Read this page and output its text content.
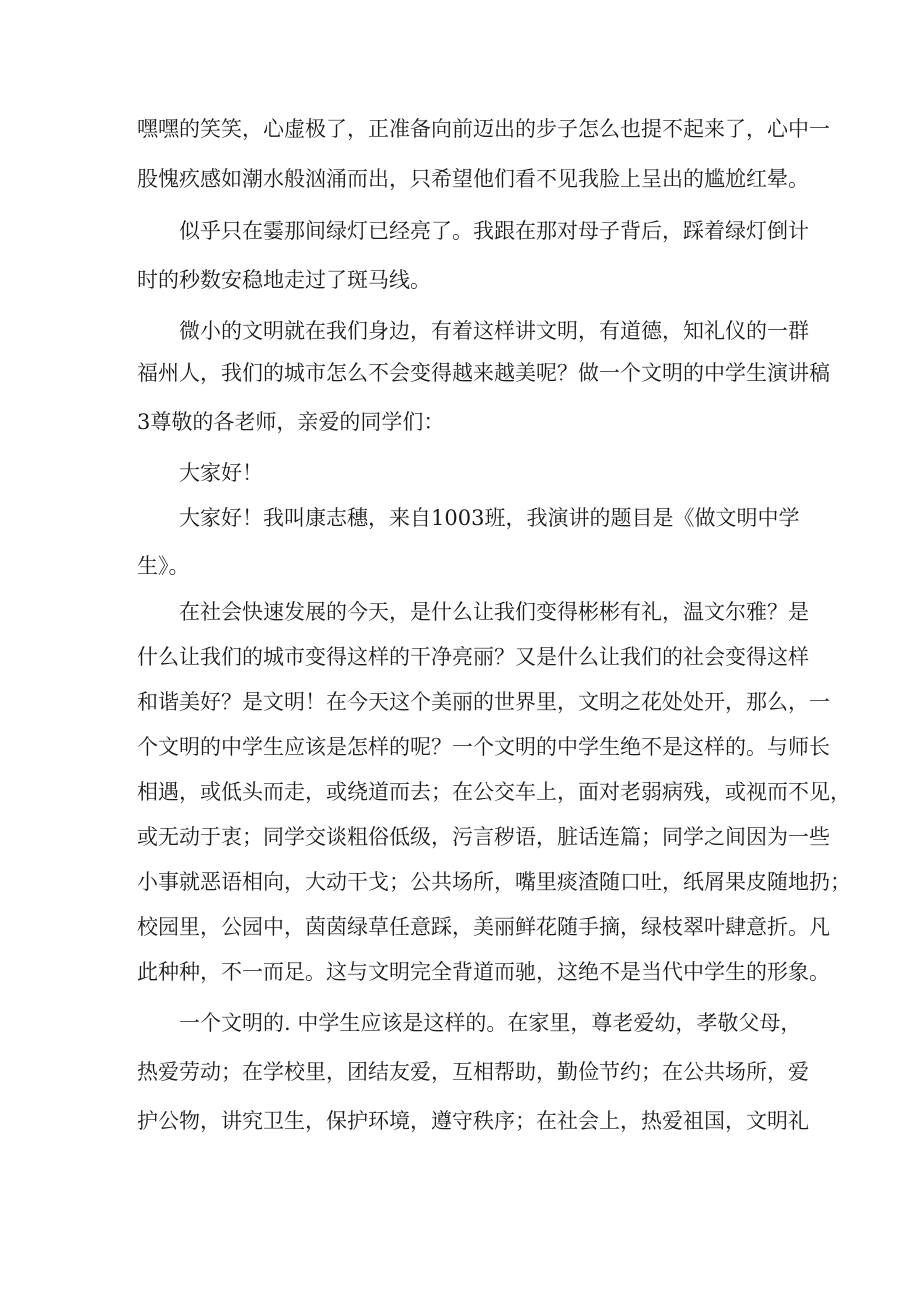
嘿嘿的笑笑，心虚极了，正准备向前迈出的步子怎么也提不起来了，心中一

股愧疚感如潮水般汹涌而出，只希望他们看不见我脸上呈出的尴尬红晕。

似乎只在霎那间绿灯已经亮了。我跟在那对母子背后，踩着绿灯倒计

时的秒数安稳地走过了斑马线。

微小的文明就在我们身边，有着这样讲文明，有道德，知礼仪的一群

福州人，我们的城市怎么不会变得越来越美呢？做一个文明的中学生演讲稿

3尊敬的各老师，亲爱的同学们：

大家好！

大家好！我叫康志穗，来自1003班，我演讲的题目是《做文明中学

生》。

在社会快速发展的今天，是什么让我们变得彬彬有礼，温文尔雅？是

什么让我们的城市变得这样的干净亮丽？又是什么让我们的社会变得这样

和谐美好？是文明！在今天这个美丽的世界里，文明之花处处开，那么，一

个文明的中学生应该是怎样的呢？一个文明的中学生绝不是这样的。与师长

相遇，或低头而走，或绕道而去；在公交车上，面对老弱病残，或视而不见，

或无动于衷；同学交谈粗俗低级，污言秽语，脏话连篇；同学之间因为一些

小事就恶语相向，大动干戈；公共场所，嘴里痰渣随口吐，纸屑果皮随地扔；

校园里，公园中，茵茵绿草任意踩，美丽鲜花随手摘，绿枝翠叶肆意折。凡

此种种，不一而足。这与文明完全背道而驰，这绝不是当代中学生的形象。

一个文明的. 中学生应该是这样的。在家里，尊老爱幼，孝敬父母，

热爱劳动；在学校里，团结友爱，互相帮助，勤俭节约；在公共场所，爱

护公物，讲究卫生，保护环境，遵守秩序；在社会上，热爱祖国，文明礼
